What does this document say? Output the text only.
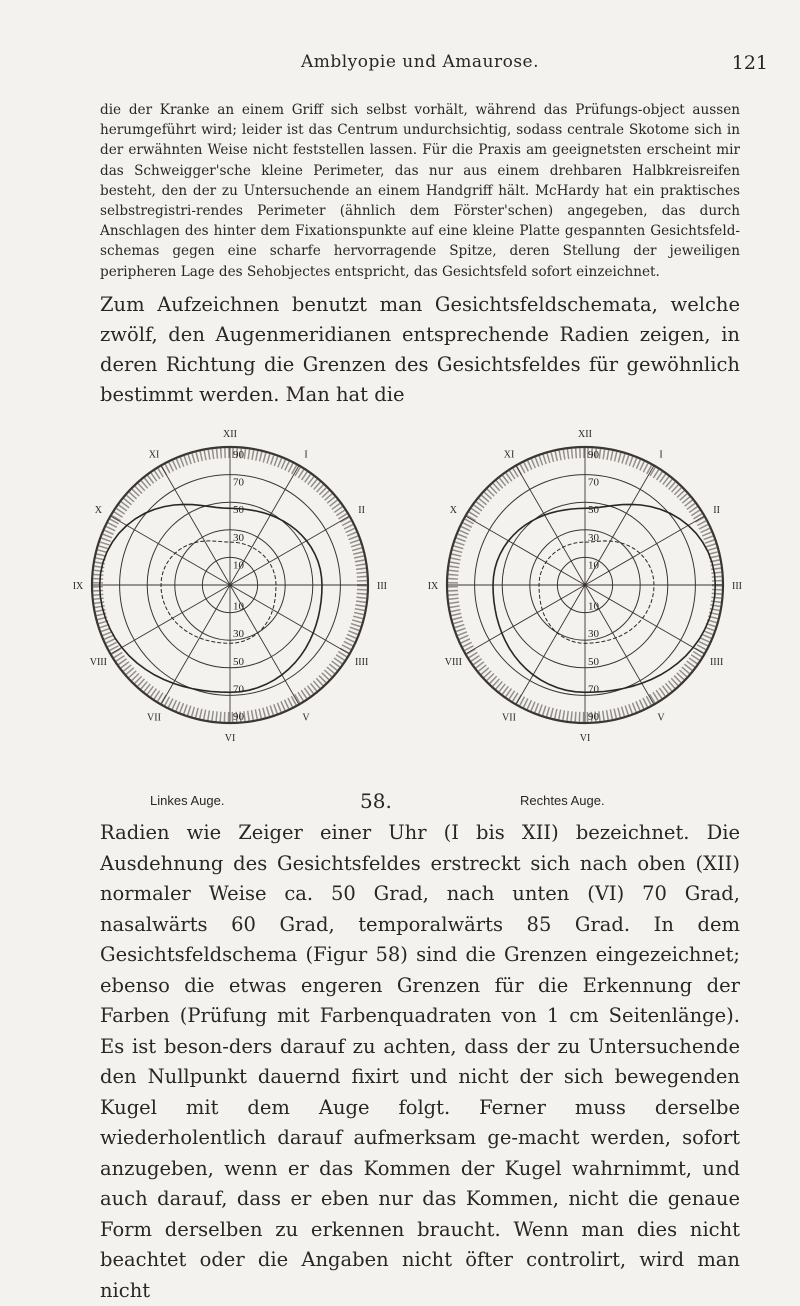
Amblyopie und Amaurose.	121

die der Kranke an einem Griff sich selbst vorhält, während das Prüfungs-object aussen herumgeführt wird; leider ist das Centrum undurchsichtig, sodass centrale Skotome sich in der erwähnten Weise nicht feststellen lassen. Für die Praxis am geeignetsten erscheint mir das Schweigger'sche kleine Perimeter, das nur aus einem drehbaren Halbkreisreifen besteht, den der zu Untersuchende an einem Handgriff hält. McHardy hat ein praktisches selbstregistri-rendes Perimeter (ähnlich dem Förster'schen) angegeben, das durch Anschlagen des hinter dem Fixationspunkte auf eine kleine Platte gespannten Gesichtsfeld-schemas gegen eine scharfe hervorragende Spitze, deren Stellung der jeweiligen peripheren Lage des Sehobjectes entspricht, das Gesichtsfeld sofort einzeichnet.

Zum Aufzeichnen benutzt man Gesichtsfeldschemata, welche zwölf, den Augenmeridianen entsprechende Radien zeigen, in deren Richtung die Grenzen des Gesichtsfeldes für gewöhnlich bestimmt werden. Man hat die

90
90
70
70
50
50
30
30
10
10
XII
I
II
III
IIII
V
VI
VII
VIII
IX
X
XI	90
90
70
70
50
50
30
30
10
10
XII
I
II
III
IIII
V
VI
VII
VIII
IX
X
XI
Linkes Auge.	58.	Rechtes Auge.

Radien wie Zeiger einer Uhr (I bis XII) bezeichnet. Die Ausdehnung des Gesichtsfeldes erstreckt sich nach oben (XII) normaler Weise ca. 50 Grad, nach unten (VI) 70 Grad, nasalwärts 60 Grad, temporalwärts 85 Grad. In dem Gesichtsfeldschema (Figur 58) sind die Grenzen eingezeichnet; ebenso die etwas engeren Grenzen für die Erkennung der Farben (Prüfung mit Farbenquadraten von 1 cm Seitenlänge). Es ist beson-ders darauf zu achten, dass der zu Untersuchende den Nullpunkt dauernd fixirt und nicht der sich bewegenden Kugel mit dem Auge folgt. Ferner muss derselbe wiederholentlich darauf aufmerksam ge-macht werden, sofort anzugeben, wenn er das Kommen der Kugel wahrnimmt, und auch darauf, dass er eben nur das Kommen, nicht die genaue Form derselben zu erkennen braucht. Wenn man dies nicht beachtet oder die Angaben nicht öfter controlirt, wird man nicht
